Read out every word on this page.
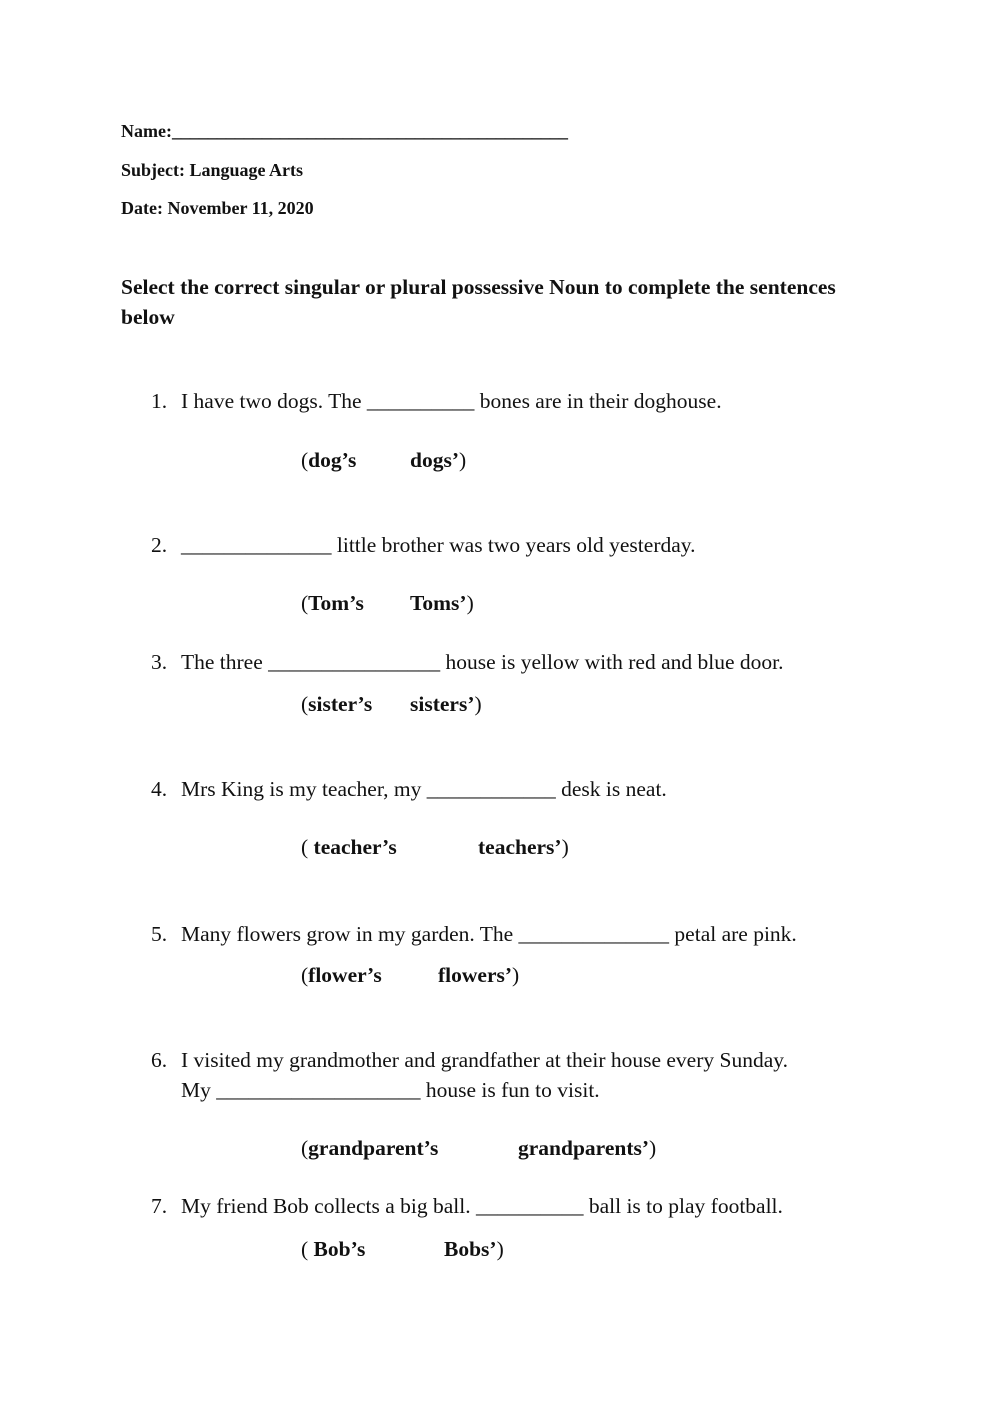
Name:____________________________________________
Subject: Language Arts
Date: November 11, 2020
Select the correct singular or plural possessive Noun to complete the sentences below
1. I have two dogs. The __________ bones are in their doghouse.
(dog’s dogs’)
2. ______________ little brother was two years old yesterday.
(Tom’s Toms’)
3. The three ________________ house is yellow with red and blue door.
(sister’s sisters’)
4. Mrs King is my teacher, my ____________ desk is neat.
( teacher’s	teachers’)
5. Many flowers grow in my garden. The ______________ petal are pink.
(flower’s	flowers’)
6. I visited my grandmother and grandfather at their house every Sunday.
My ___________________ house is fun to visit.
(grandparent’s	grandparents’)
7. My friend Bob collects a big ball. __________ ball is to play football.
( Bob’s	Bobs’)
